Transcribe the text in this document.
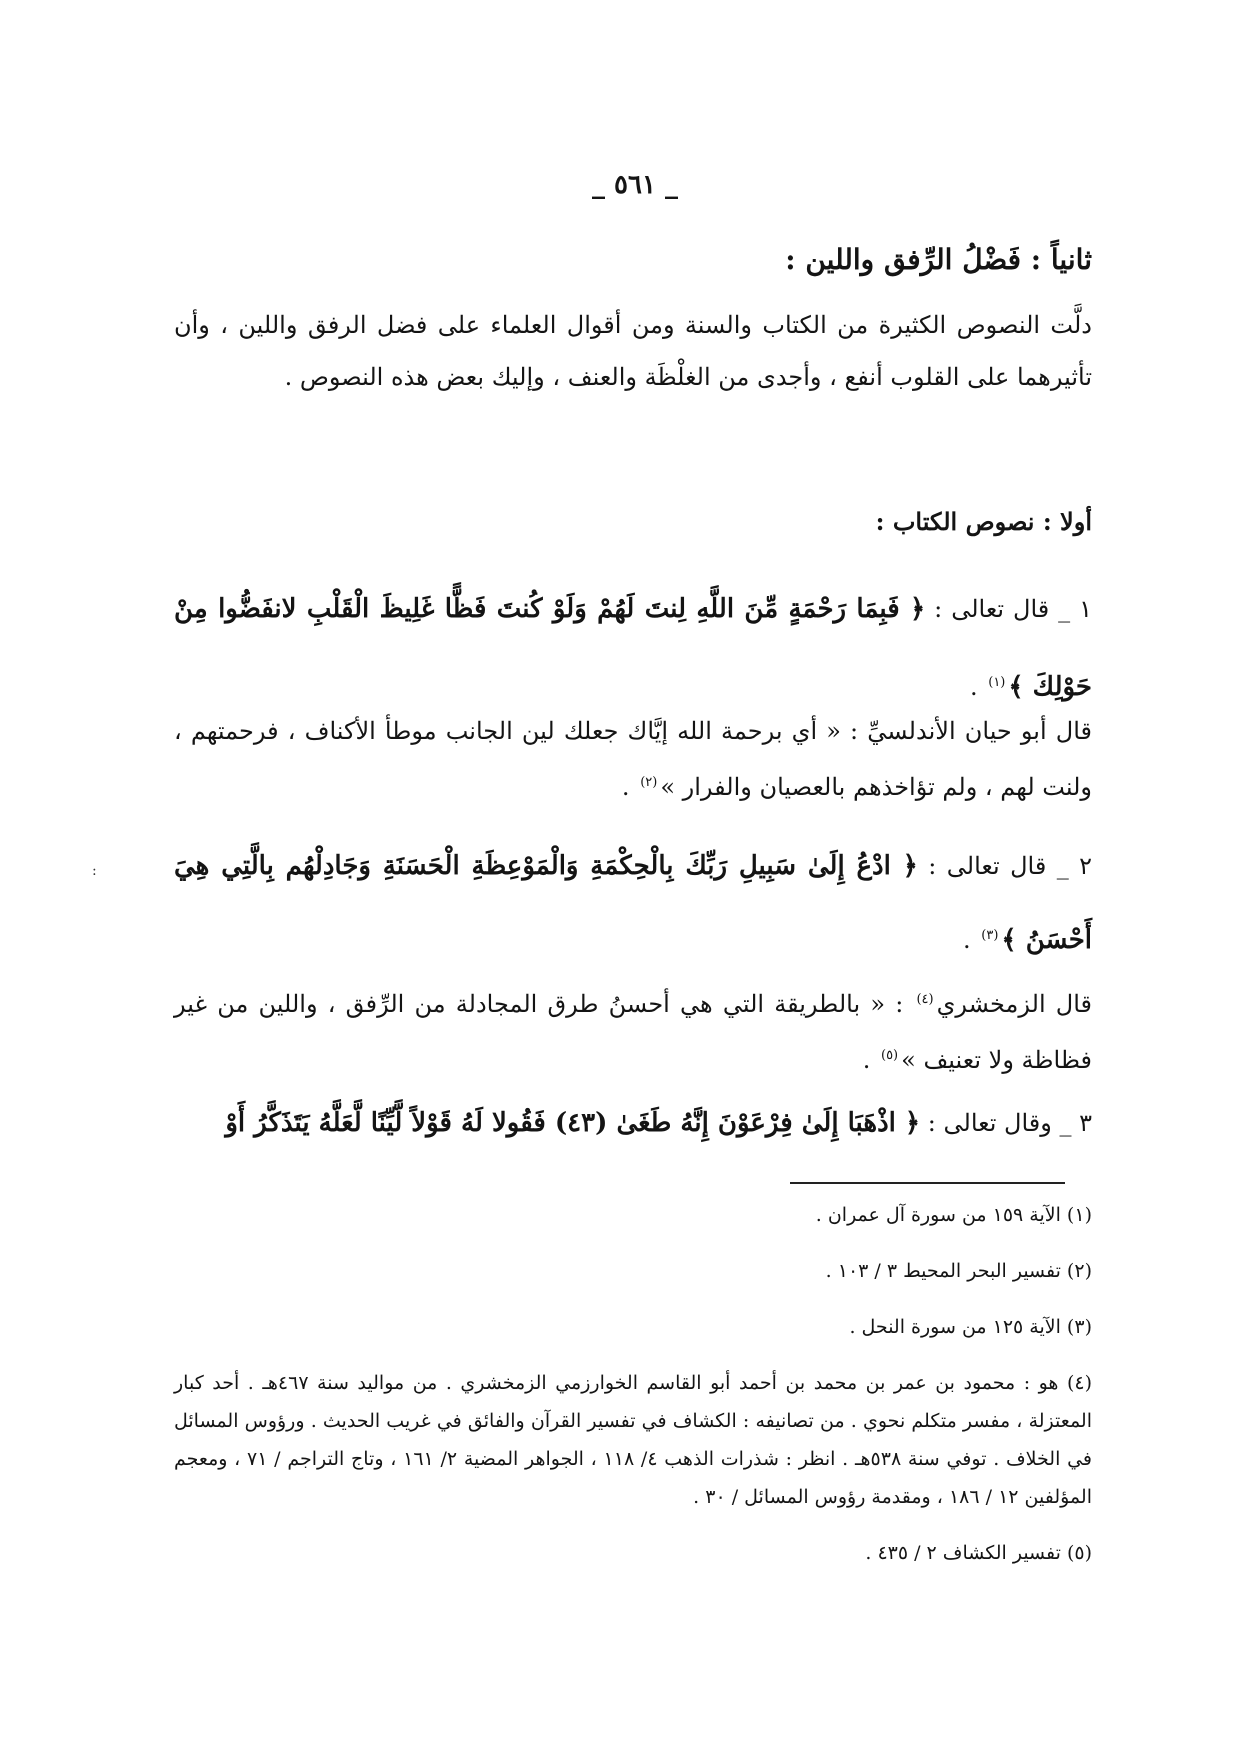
_ ٥٦١ _
ثانياً : فَضْلُ الرِّفق واللين :
دلَّت النصوص الكثيرة من الكتاب والسنة ومن أقوال العلماء على فضل الرفق واللين ، وأن تأثيرهما على القلوب أنفع ، وأجدى من الغلْظَة والعنف ، وإليك بعض هذه النصوص .
أولا : نصوص الكتاب :
١ _ قال تعالى : ﴿ فَبِمَا رَحْمَةٍ مِّنَ اللَّهِ لِنتَ لَهُمْ وَلَوْ كُنتَ فَظًّا غَلِيظَ الْقَلْبِ لانفَضُّوا مِنْ حَوْلِكَ ﴾$^{(١)}$ .
قال أبو حيان الأندلسيِّ : « أي برحمة الله إيَّاك جعلك لين الجانب موطأ الأكناف ، فرحمتهم ، ولنت لهم ، ولم تؤاخذهم بالعصيان والفرار »$^{(٢)}$ .
٢ _ قال تعالى : ﴿ ادْعُ إِلَىٰ سَبِيلِ رَبِّكَ بِالْحِكْمَةِ وَالْمَوْعِظَةِ الْحَسَنَةِ وَجَادِلْهُم بِالَّتِي هِيَ أَحْسَنُ ﴾$^{(٣)}$ .
قال الزمخشري$^{(٤)}$ : « بالطريقة التي هي أحسنُ طرق المجادلة من الرِّفق ، واللين من غير فظاظة ولا تعنيف »$^{(٥)}$ .
٣ _ وقال تعالى : ﴿ اذْهَبَا إِلَىٰ فِرْعَوْنَ إِنَّهُ طَغَىٰ (٤٣) فَقُولا لَهُ قَوْلاً لَّيِّنًا لَّعَلَّهُ يَتَذَكَّرُ أَوْ
(١) الآية ١٥٩ من سورة آل عمران .
(٢) تفسير البحر المحيط ٣ / ١٠٣ .
(٣) الآية ١٢٥ من سورة النحل .
(٤) هو : محمود بن عمر بن محمد بن أحمد أبو القاسم الخوارزمي الزمخشري . من مواليد سنة ٤٦٧هـ . أحد كبار المعتزلة ، مفسر متكلم نحوي . من تصانيفه : الكشاف في تفسير القرآن والفائق في غريب الحديث . ورؤوس المسائل في الخلاف . توفي سنة ٥٣٨هـ . انظر : شذرات الذهب ٤/ ١١٨ ، الجواهر المضية ٢/ ١٦١ ، وتاج التراجم / ٧١ ، ومعجم المؤلفين ١٢ / ١٨٦ ، ومقدمة رؤوس المسائل / ٣٠ .
(٥) تفسير الكشاف ٢ / ٤٣٥ .
:
